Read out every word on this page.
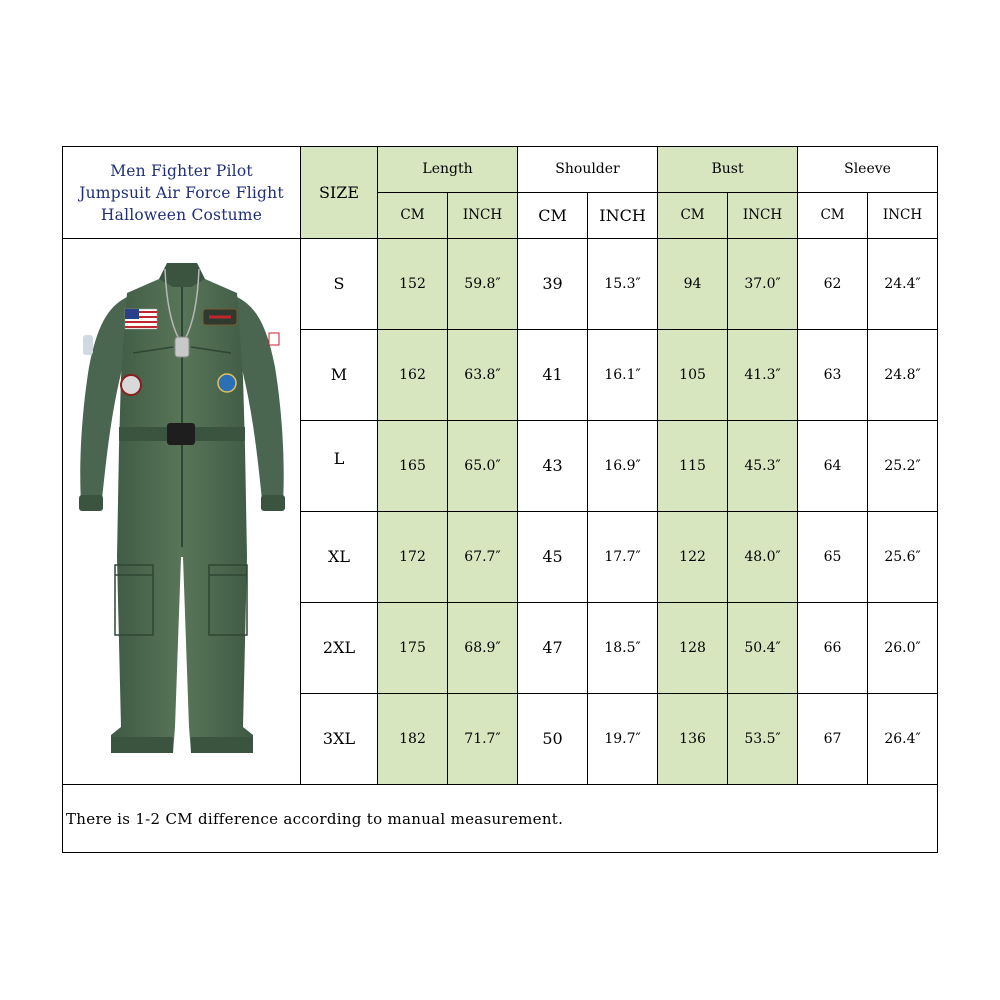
Men Fighter Pilot
Jumpsuit Air Force Flight
Halloween Costume	SIZE	Length		Shoulder		Bust		Sleeve	
		CM	INCH	CM	INCH	CM	INCH	CM	INCH

	S	152	59.8″	39	15.3″	94	37.0″	62	24.4″
	M	162	63.8″	41	16.1″	105	41.3″	63	24.8″
	L	165	65.0″	43	16.9″	115	45.3″	64	25.2″
	XL	172	67.7″	45	17.7″	122	48.0″	65	25.6″
	2XL	175	68.9″	47	18.5″	128	50.4″	66	26.0″
	3XL	182	71.7″	50	19.7″	136	53.5″	67	26.4″
There is 1-2 CM difference according to manual measurement.									
